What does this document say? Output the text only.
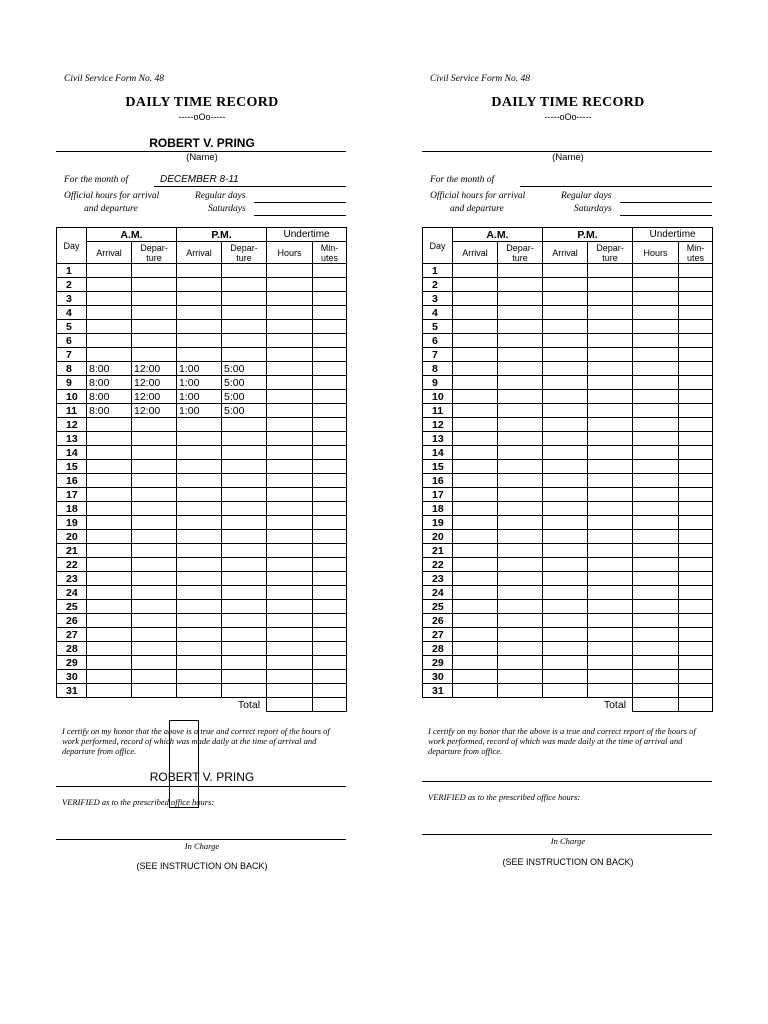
Civil Service Form No. 48
DAILY TIME RECORD
-----oOo-----
ROBERT V. PRING
(Name)
For the month of	DECEMBER 8-11
Official hours for arrival
and departure
Regular days
Saturdays
Day	A.M.		P.M.		Undertime	
	Arrival	Depar-ture	Arrival	Depar-ture	Hours	Min-utes
1						
2						
3						
4						
5						
6						
7						
8	8:00	12:00	1:00	5:00		
9	8:00	12:00	1:00	5:00		
10	8:00	12:00	1:00	5:00		
11	8:00	12:00	1:00	5:00		
12						
13						
14						
15						
16						
17						
18						
19						
20						
21						
22						
23						
24						
25						
26						
27						
28						
29						
30						
31						
Total						
I certify on my honor that the above is a true and correct report of the hours of work performed, record of which was made daily at the time of arrival and departure from office.
ROBERT V. PRING
VERIFIED as to the prescribed office hours:
In Charge
(SEE INSTRUCTION ON BACK)
Civil Service Form No. 48
DAILY TIME RECORD
-----oOo-----
(Name)
For the month of
Official hours for arrival
and departure
Regular days
Saturdays
Day	A.M.		P.M.		Undertime	
	Arrival	Depar-ture	Arrival	Depar-ture	Hours	Min-utes
1						
2						
3						
4						
5						
6						
7						
8						
9						
10						
11						
12						
13						
14						
15						
16						
17						
18						
19						
20						
21						
22						
23						
24						
25						
26						
27						
28						
29						
30						
31						
Total						
I certify on my honor that the above is a true and correct report of the hours of work performed, record of which was made daily at the time of arrival and departure from office.
VERIFIED as to the prescribed office hours:
In Charge
(SEE INSTRUCTION ON BACK)
